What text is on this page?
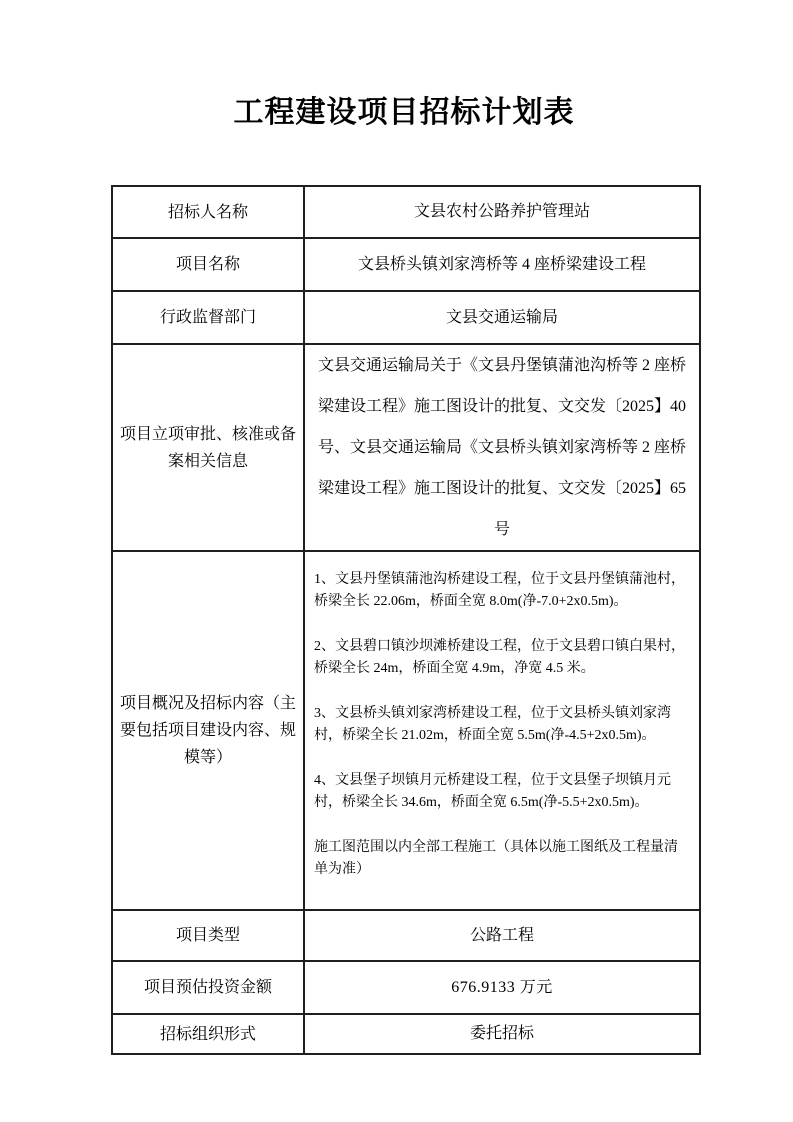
工程建设项目招标计划表
招标人名称	文县农村公路养护管理站
项目名称	文县桥头镇刘家湾桥等 4 座桥梁建设工程
行政监督部门	文县交通运输局
项目立项审批、核准或备案相关信息	文县交通运输局关于《文县丹堡镇蒲池沟桥等 2 座桥梁建设工程》施工图设计的批复、文交发〔2025】40 号、文县交通运输局《文县桥头镇刘家湾桥等 2 座桥梁建设工程》施工图设计的批复、文交发〔2025】65 号
项目概况及招标内容（主要包括项目建设内容、规模等）	1、文县丹堡镇蒲池沟桥建设工程，位于文县丹堡镇蒲池村，桥梁全长 22.06m，桥面全宽 8.0m(净-7.0+2x0.5m)。

2、文县碧口镇沙坝滩桥建设工程，位于文县碧口镇白果村，桥梁全长 24m，桥面全宽 4.9m，净宽 4.5 米。

3、文县桥头镇刘家湾桥建设工程，位于文县桥头镇刘家湾村，桥梁全长 21.02m，桥面全宽 5.5m(净-4.5+2x0.5m)。

4、文县堡子坝镇月元桥建设工程，位于文县堡子坝镇月元村，桥梁全长 34.6m，桥面全宽 6.5m(净-5.5+2x0.5m)。

施工图范围以内全部工程施工（具体以施工图纸及工程量清单为准）

项目类型	公路工程
项目预估投资金额	676.9133 万元
招标组织形式	委托招标
